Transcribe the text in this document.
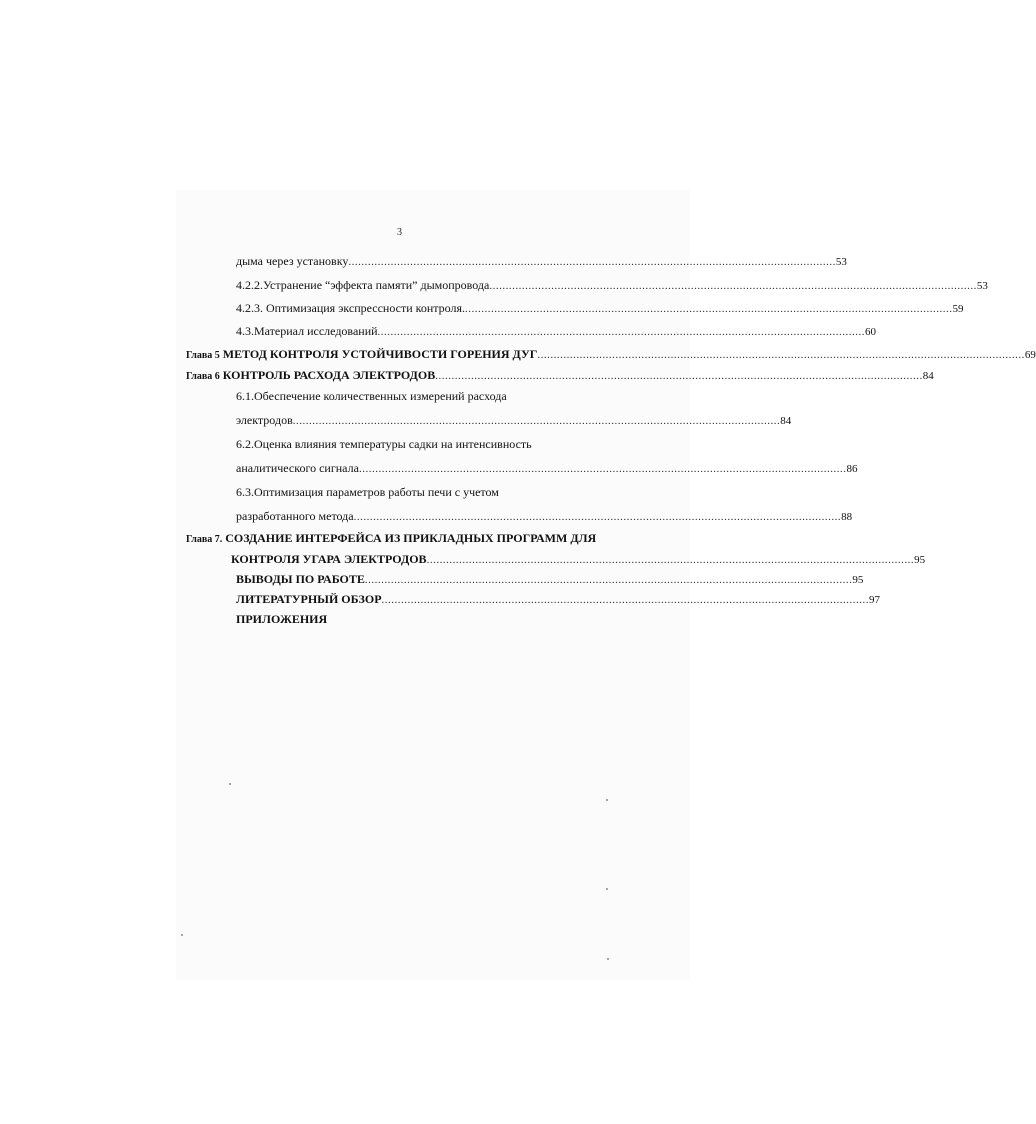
3
дыма через установку ...................................................................................................................................................... 53
4.2.2.Устранение “эффекта памяти” дымопровода ...................................................................................................................................................... 53
4.2.3. Оптимизация экспрессности контроля. ...................................................................................................................................................... 59
4.3.Материал исследований ...................................................................................................................................................... 60
Глава 5 МЕТОД КОНТРОЛЯ УСТОЙЧИВОСТИ ГОРЕНИЯ ДУГ ...................................................................................................................................................... 69
Глава 6 КОНТРОЛЬ РАСХОДА ЭЛЕКТРОДОВ ...................................................................................................................................................... 84
6.1.Обеспечение количественных измерений расхода
электродов ...................................................................................................................................................... 84
6.2.Оценка влияния температуры садки на интенсивность
аналитического сигнала ...................................................................................................................................................... 86
6.3.Оптимизация параметров работы печи с учетом
разработанного метода ...................................................................................................................................................... 88
Глава 7. СОЗДАНИЕ ИНТЕРФЕЙСА ИЗ ПРИКЛАДНЫХ ПРОГРАММ ДЛЯ
КОНТРОЛЯ УГАРА ЭЛЕКТРОДОВ ...................................................................................................................................................... 95
ВЫВОДЫ ПО РАБОТЕ ...................................................................................................................................................... 95
ЛИТЕРАТУРНЫЙ ОБЗОР ...................................................................................................................................................... 97
ПРИЛОЖЕНИЯ
